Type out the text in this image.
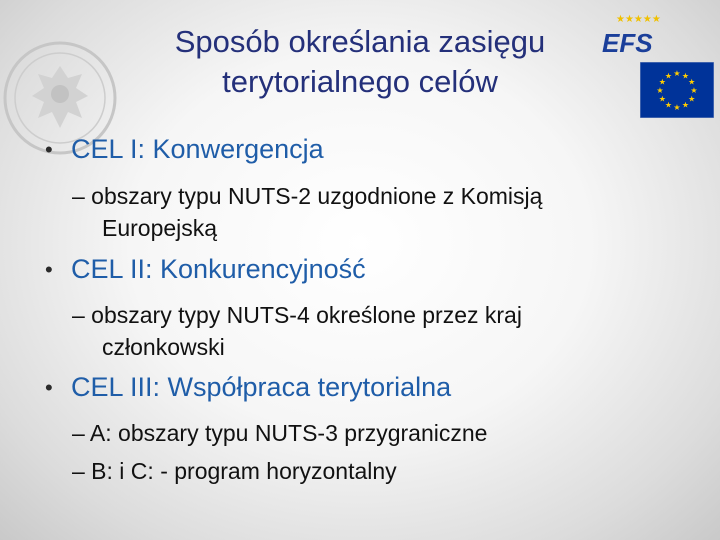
★★★★★
EFS
★ ★
★
★
★
★
★
★
★
★
★
★
Sposób określania zasięgu
terytorialnego celów
• CEL I: Konwergencja
– obszary typu NUTS-2 uzgodnione z Komisją
Europejską
• CEL II: Konkurencyjność
– obszary typy NUTS-4 określone przez kraj
członkowski
• CEL III: Współpraca terytorialna
– A: obszary typu NUTS-3 przygraniczne
– B: i C: - program horyzontalny
